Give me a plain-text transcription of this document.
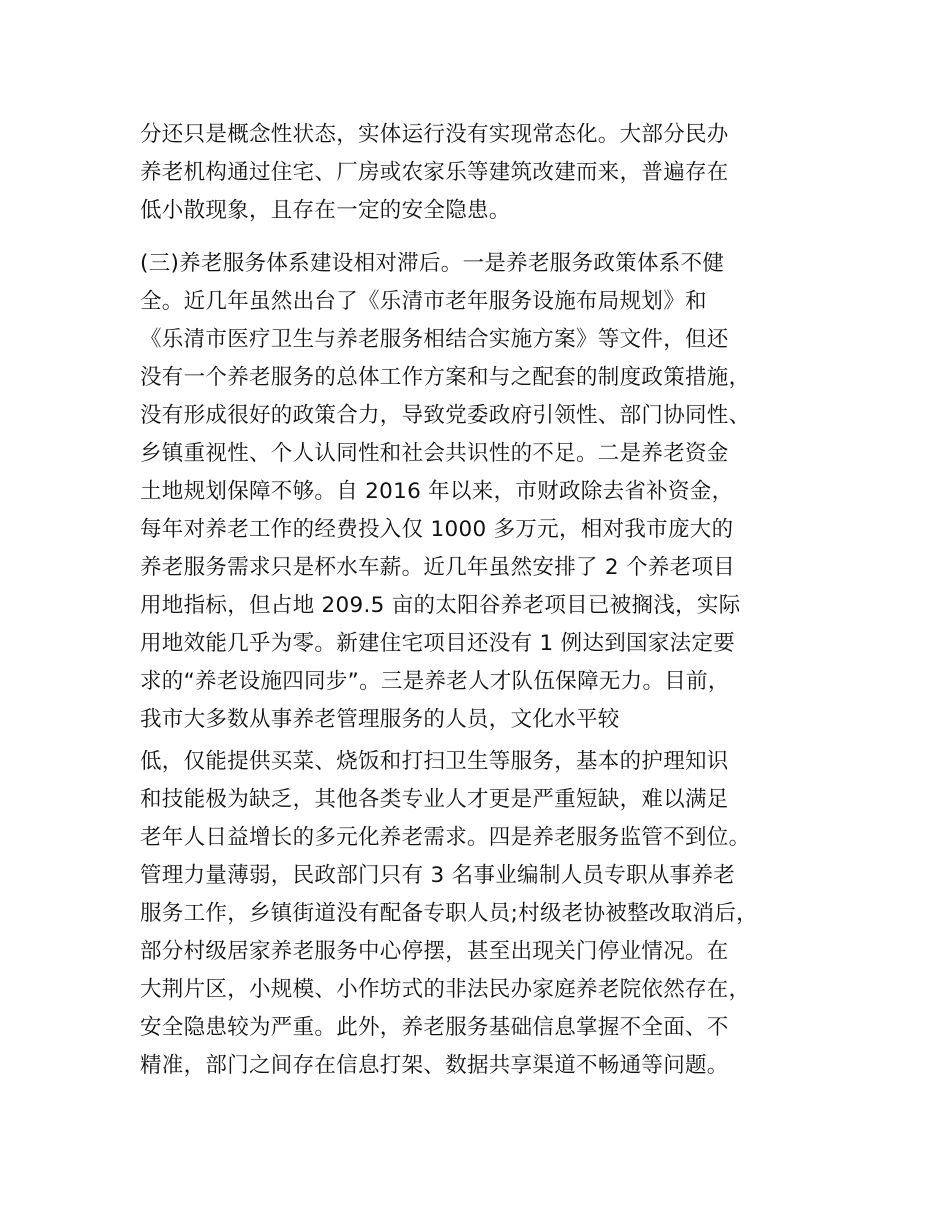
分还只是概念性状态，实体运行没有实现常态化。大部分民办
养老机构通过住宅、厂房或农家乐等建筑改建而来，普遍存在
低小散现象，且存在一定的安全隐患。
(三)养老服务体系建设相对滞后。一是养老服务政策体系不健
全。近几年虽然出台了《乐清市老年服务设施布局规划》和
《乐清市医疗卫生与养老服务相结合实施方案》等文件，但还
没有一个养老服务的总体工作方案和与之配套的制度政策措施，
没有形成很好的政策合力，导致党委政府引领性、部门协同性、
乡镇重视性、个人认同性和社会共识性的不足。二是养老资金
土地规划保障不够。自 2016 年以来，市财政除去省补资金，
每年对养老工作的经费投入仅 1000 多万元，相对我市庞大的
养老服务需求只是杯水车薪。近几年虽然安排了 2 个养老项目
用地指标，但占地 209.5 亩的太阳谷养老项目已被搁浅，实际
用地效能几乎为零。新建住宅项目还没有 1 例达到国家法定要
求的“养老设施四同步”。三是养老人才队伍保障无力。目前，
我市大多数从事养老管理服务的人员，文化水平较
低，仅能提供买菜、烧饭和打扫卫生等服务，基本的护理知识
和技能极为缺乏，其他各类专业人才更是严重短缺，难以满足
老年人日益增长的多元化养老需求。四是养老服务监管不到位。
管理力量薄弱，民政部门只有 3 名事业编制人员专职从事养老
服务工作，乡镇街道没有配备专职人员;村级老协被整改取消后，
部分村级居家养老服务中心停摆，甚至出现关门停业情况。在
大荆片区，小规模、小作坊式的非法民办家庭养老院依然存在，
安全隐患较为严重。此外，养老服务基础信息掌握不全面、不
精准，部门之间存在信息打架、数据共享渠道不畅通等问题。
